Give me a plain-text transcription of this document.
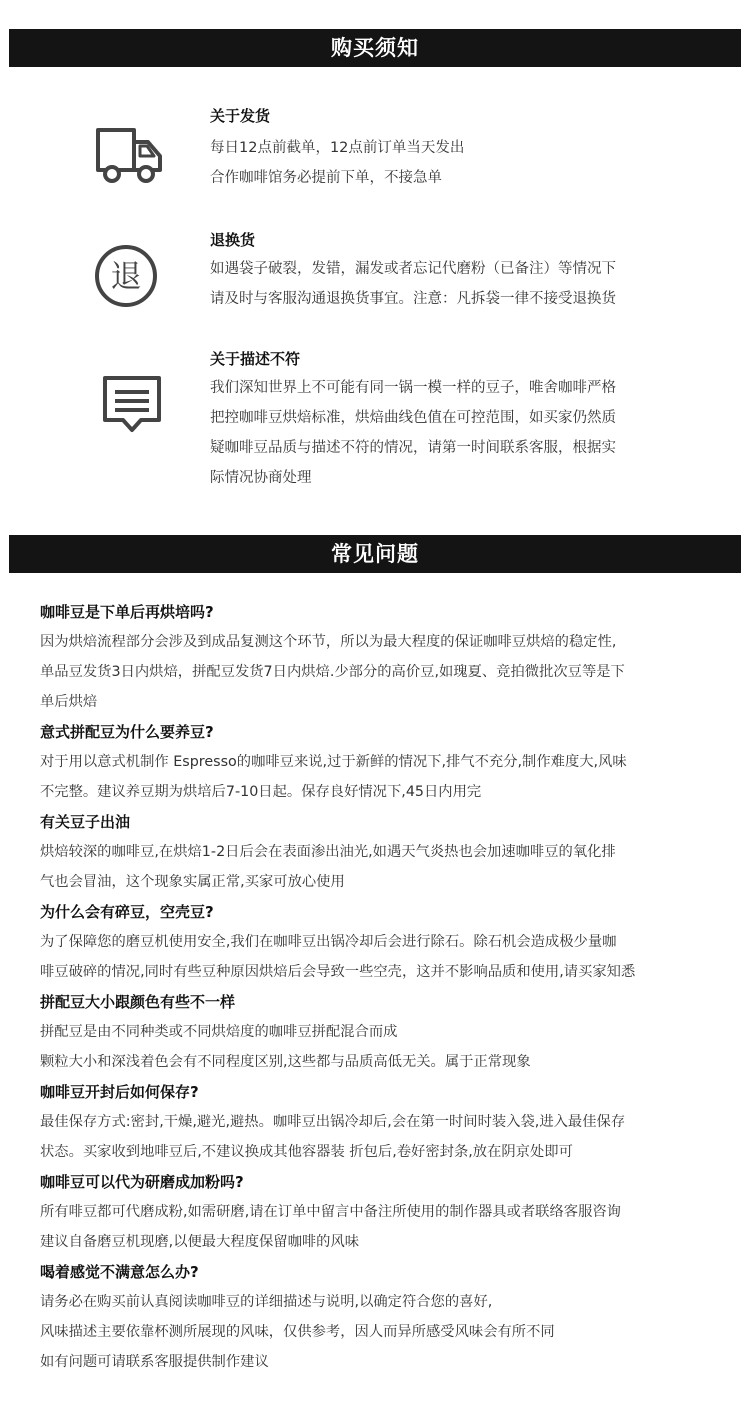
购买须知
关于发货
每日12点前截单，12点前订单当天发出
合作咖啡馆务必提前下单，不接急单
退
退换货
如遇袋子破裂，发错，漏发或者忘记代磨粉（已备注）等情况下
请及时与客服沟通退换货事宜。注意：凡拆袋一律不接受退换货
关于描述不符
我们深知世界上不可能有同一锅一模一样的豆子，唯舍咖啡严格
把控咖啡豆烘焙标准，烘焙曲线色值在可控范围，如买家仍然质
疑咖啡豆品质与描述不符的情况，请第一时间联系客服，根据实
际情况协商处理
常见问题
咖啡豆是下单后再烘培吗?
因为烘焙流程部分会涉及到成品复测这个环节，所以为最大程度的保证咖啡豆烘焙的稳定性,
单品豆发货3日内烘焙，拼配豆发货7日内烘焙.少部分的高价豆,如瑰夏、竞拍微批次豆等是下
单后烘焙
意式拼配豆为什么要养豆?
对于用以意式机制作 Espresso的咖啡豆来说,过于新鲜的情况下,排气不充分,制作难度大,风味
不完整。建议养豆期为烘培后7-10日起。保存良好情况下,45日内用完
有关豆子出油
烘焙较深的咖啡豆,在烘焙1-2日后会在表面渗出油光,如遇天气炎热也会加速咖啡豆的氧化排
气也会冒油，这个现象实属正常,买家可放心使用
为什么会有碎豆，空壳豆?
为了保障您的磨豆机使用安全,我们在咖啡豆出锅冷却后会进行除石。除石机会造成极少量咖
啡豆破碎的情况,同时有些豆种原因烘焙后会导致一些空壳，这并不影响品质和使用,请买家知悉
拼配豆大小跟颜色有些不一样
拼配豆是由不同种类或不同烘焙度的咖啡豆拼配混合而成
颗粒大小和深浅着色会有不同程度区别,这些都与品质高低无关。属于正常现象
咖啡豆开封后如何保存?
最佳保存方式:密封,干燥,避光,避热。咖啡豆出锅冷却后,会在第一时间时装入袋,进入最佳保存
状态。买家收到地啡豆后,不建议换成其他容器装 折包后,卷好密封条,放在阴京处即可
咖啡豆可以代为研磨成加粉吗?
所有啡豆都可代磨成粉,如需研磨,请在订单中留言中备注所使用的制作器具或者联络客服咨询
建议自备磨豆机现磨,以便最大程度保留咖啡的风味
喝着感觉不满意怎么办?
请务必在购买前认真阅读咖啡豆的详细描述与说明,以确定符合您的喜好,
风味描述主要依靠杯测所展现的风味，仅供参考，因人而异所感受风味会有所不同
如有问题可请联系客服提供制作建议
